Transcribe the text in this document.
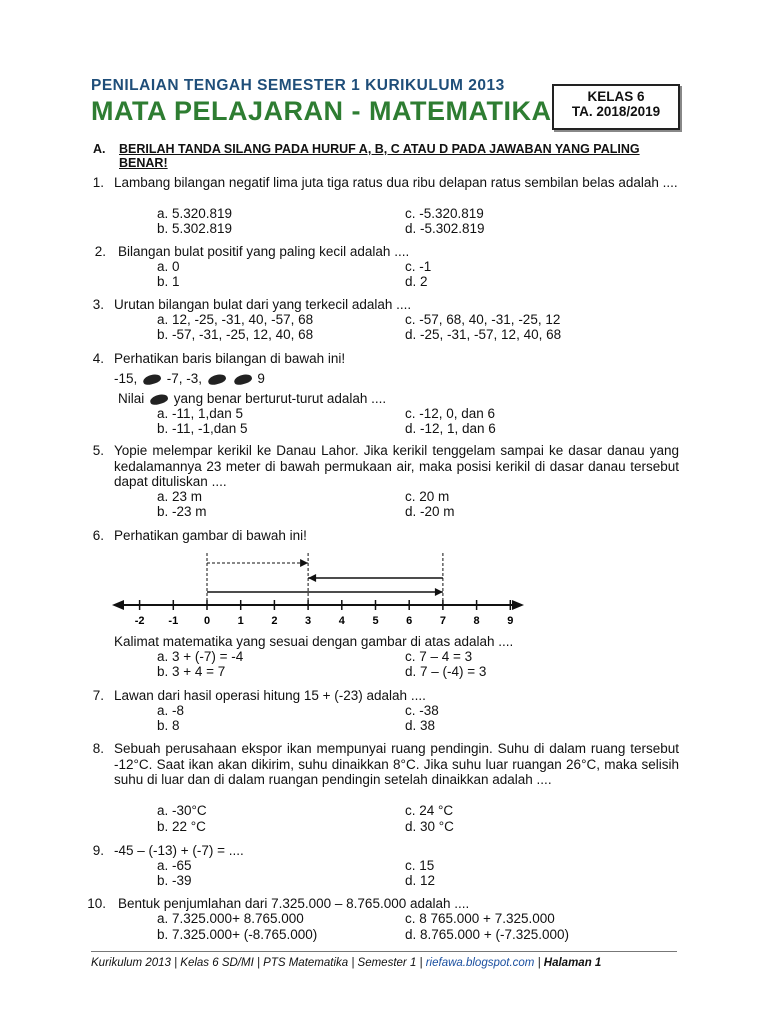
PENILAIAN TENGAH SEMESTER 1 KURIKULUM 2013
MATA PELAJARAN - MATEMATIKA	KELAS 6
TA. 2018/2019
A. BERILAH TANDA SILANG PADA HURUF A, B, C ATAU D PADA JAWABAN YANG PALING BENAR!
1. Lambang bilangan negatif lima juta tiga ratus dua ribu delapan ratus sembilan belas adalah ....
a. 5.320.819
b. 5.302.819
c. -5.320.819
d. -5.302.819
2. Bilangan bulat positif yang paling kecil adalah ....
a. 0
b. 1
c. -1
d. 2
3. Urutan bilangan bulat dari yang terkecil adalah ....
a. 12, -25, -31, 40, -57, 68
b. -57, -31, -25, 12, 40, 68
c. -57, 68, 40, -31, -25, 12
d. -25, -31, -57, 12, 40, 68
4. Perhatikan baris bilangan di bawah ini!
-15, -7, -3,	9
Nilai yang benar berturut-turut adalah ....
a. -11, 1,dan 5
b. -11, -1,dan 5
c. -12, 0, dan 6
d. -12, 1, dan 6
5. Yopie melempar kerikil ke Danau Lahor. Jika kerikil tenggelam sampai ke dasar danau yang kedalamannya 23 meter di bawah permukaan air, maka posisi kerikil di dasar danau tersebut dapat dituliskan ....
a. 23 m
b. -23 m
c. 20 m
d. -20 m
6. Perhatikan gambar di bawah ini!
-2 -1 0	1	2	3	4	5	6	7	8	9
Kalimat matematika yang sesuai dengan gambar di atas adalah ....
a. 3 + (-7) = -4
b. 3 + 4 = 7
c. 7 – 4 = 3
d. 7 – (-4) = 3
7. Lawan dari hasil operasi hitung 15 + (-23) adalah ....
a. -8
b. 8
c. -38
d. 38
8. Sebuah perusahaan ekspor ikan mempunyai ruang pendingin. Suhu di dalam ruang tersebut -12°C. Saat ikan akan dikirim, suhu dinaikkan 8°C. Jika suhu luar ruangan 26°C, maka selisih suhu di luar dan di dalam ruangan pendingin setelah dinaikkan adalah ....
a. -30°C
b. 22 °C
c. 24 °C
d. 30 °C
9. -45 – (-13) + (-7) = ....
a. -65
b. -39
c. 15
d. 12
10. Bentuk penjumlahan dari 7.325.000 – 8.765.000 adalah ....
a. 7.325.000+ 8.765.000
b. 7.325.000+ (-8.765.000)
c. 8 765.000 + 7.325.000
d. 8.765.000 + (-7.325.000)
Kurikulum 2013 | Kelas 6 SD/MI | PTS Matematika | Semester 1 | riefawa.blogspot.com | Halaman 1
